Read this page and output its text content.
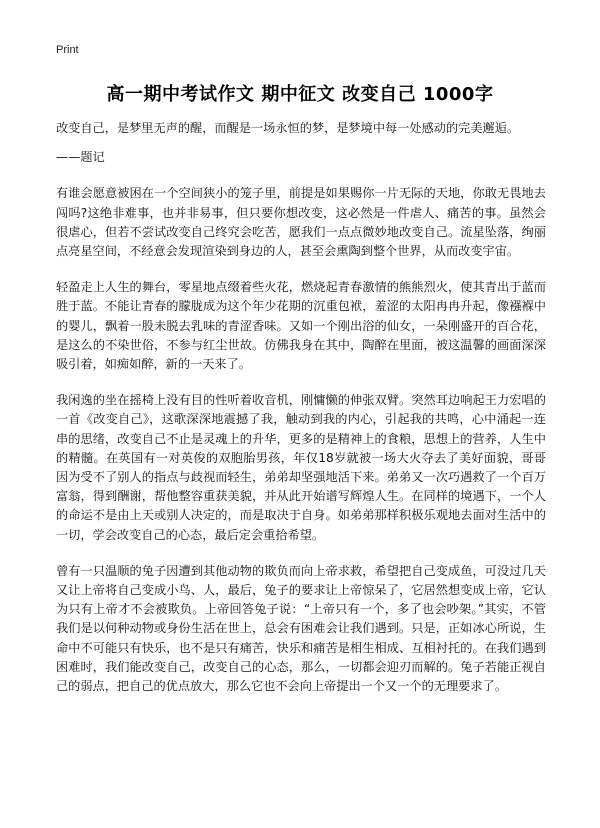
Print
高一期中考试作文 期中征文 改变自己 1000字

改变自己，是梦里无声的醒，而醒是一场永恒的梦，是梦境中每一处感动的完美邂逅。

——题记

有谁会愿意被困在一个空间狭小的笼子里，前提是如果赐你一片无际的天地，你敢无畏地去闯吗?这绝非难事，也并非易事，但只要你想改变，这必然是一件虐人、痛苦的事。虽然会很虐心，但若不尝试改变自己终究会吃苦，愿我们一点点微妙地改变自己。流星坠落，绚丽点亮星空间，不经意会发现渲染到身边的人，甚至会熏陶到整个世界，从而改变宇宙。

轻盈走上人生的舞台，零星地点缀着些火花，燃烧起青春激情的熊熊烈火，使其青出于蓝而胜于蓝。不能让青春的朦胧成为这个年少花期的沉重包袱，羞涩的太阳冉冉升起，像襁褓中的婴儿，飘着一股未脱去乳味的青涩香味。又如一个刚出浴的仙女，一朵刚盛开的百合花，是这么的不染世俗，不参与红尘世故。仿佛我身在其中，陶醉在里面，被这温馨的画面深深吸引着，如痴如醉，新的一天来了。

我闲逸的坐在摇椅上没有目的性听着收音机，刚慵懒的伸张双臂。突然耳边响起王力宏唱的一首《改变自己》，这歌深深地震撼了我，触动到我的内心，引起我的共鸣，心中涌起一连串的思绪，改变自己不止是灵魂上的升华，更多的是精神上的食粮，思想上的营养，人生中的精髓。在英国有一对英俊的双胞胎男孩，年仅18岁就被一场大火夺去了美好面貌，哥哥因为受不了别人的指点与歧视而轻生，弟弟却坚强地活下来。弟弟又一次巧遇救了一个百万富翁，得到酬谢，帮他整容重获美貌，并从此开始谱写辉煌人生。在同样的境遇下，一个人的命运不是由上天或别人决定的，而是取决于自身。如弟弟那样积极乐观地去面对生活中的一切，学会改变自己的心态，最后定会重拾希望。

曾有一只温顺的兔子因遭到其他动物的欺负而向上帝求救，希望把自己变成鱼，可没过几天又让上帝将自己变成小鸟、人，最后，兔子的要求让上帝惊呆了，它居然想变成上帝，它认为只有上帝才不会被欺负。上帝回答兔子说：“上帝只有一个，多了也会吵架。”其实，不管我们是以何种动物或身份生活在世上，总会有困难会让我们遇到。只是，正如冰心所说，生命中不可能只有快乐，也不是只有痛苦，快乐和痛苦是相生相成、互相衬托的。在我们遇到困难时，我们能改变自己，改变自己的心态，那么，一切都会迎刃而解的。兔子若能正视自己的弱点，把自己的优点放大，那么它也不会向上帝提出一个又一个的无理要求了。
